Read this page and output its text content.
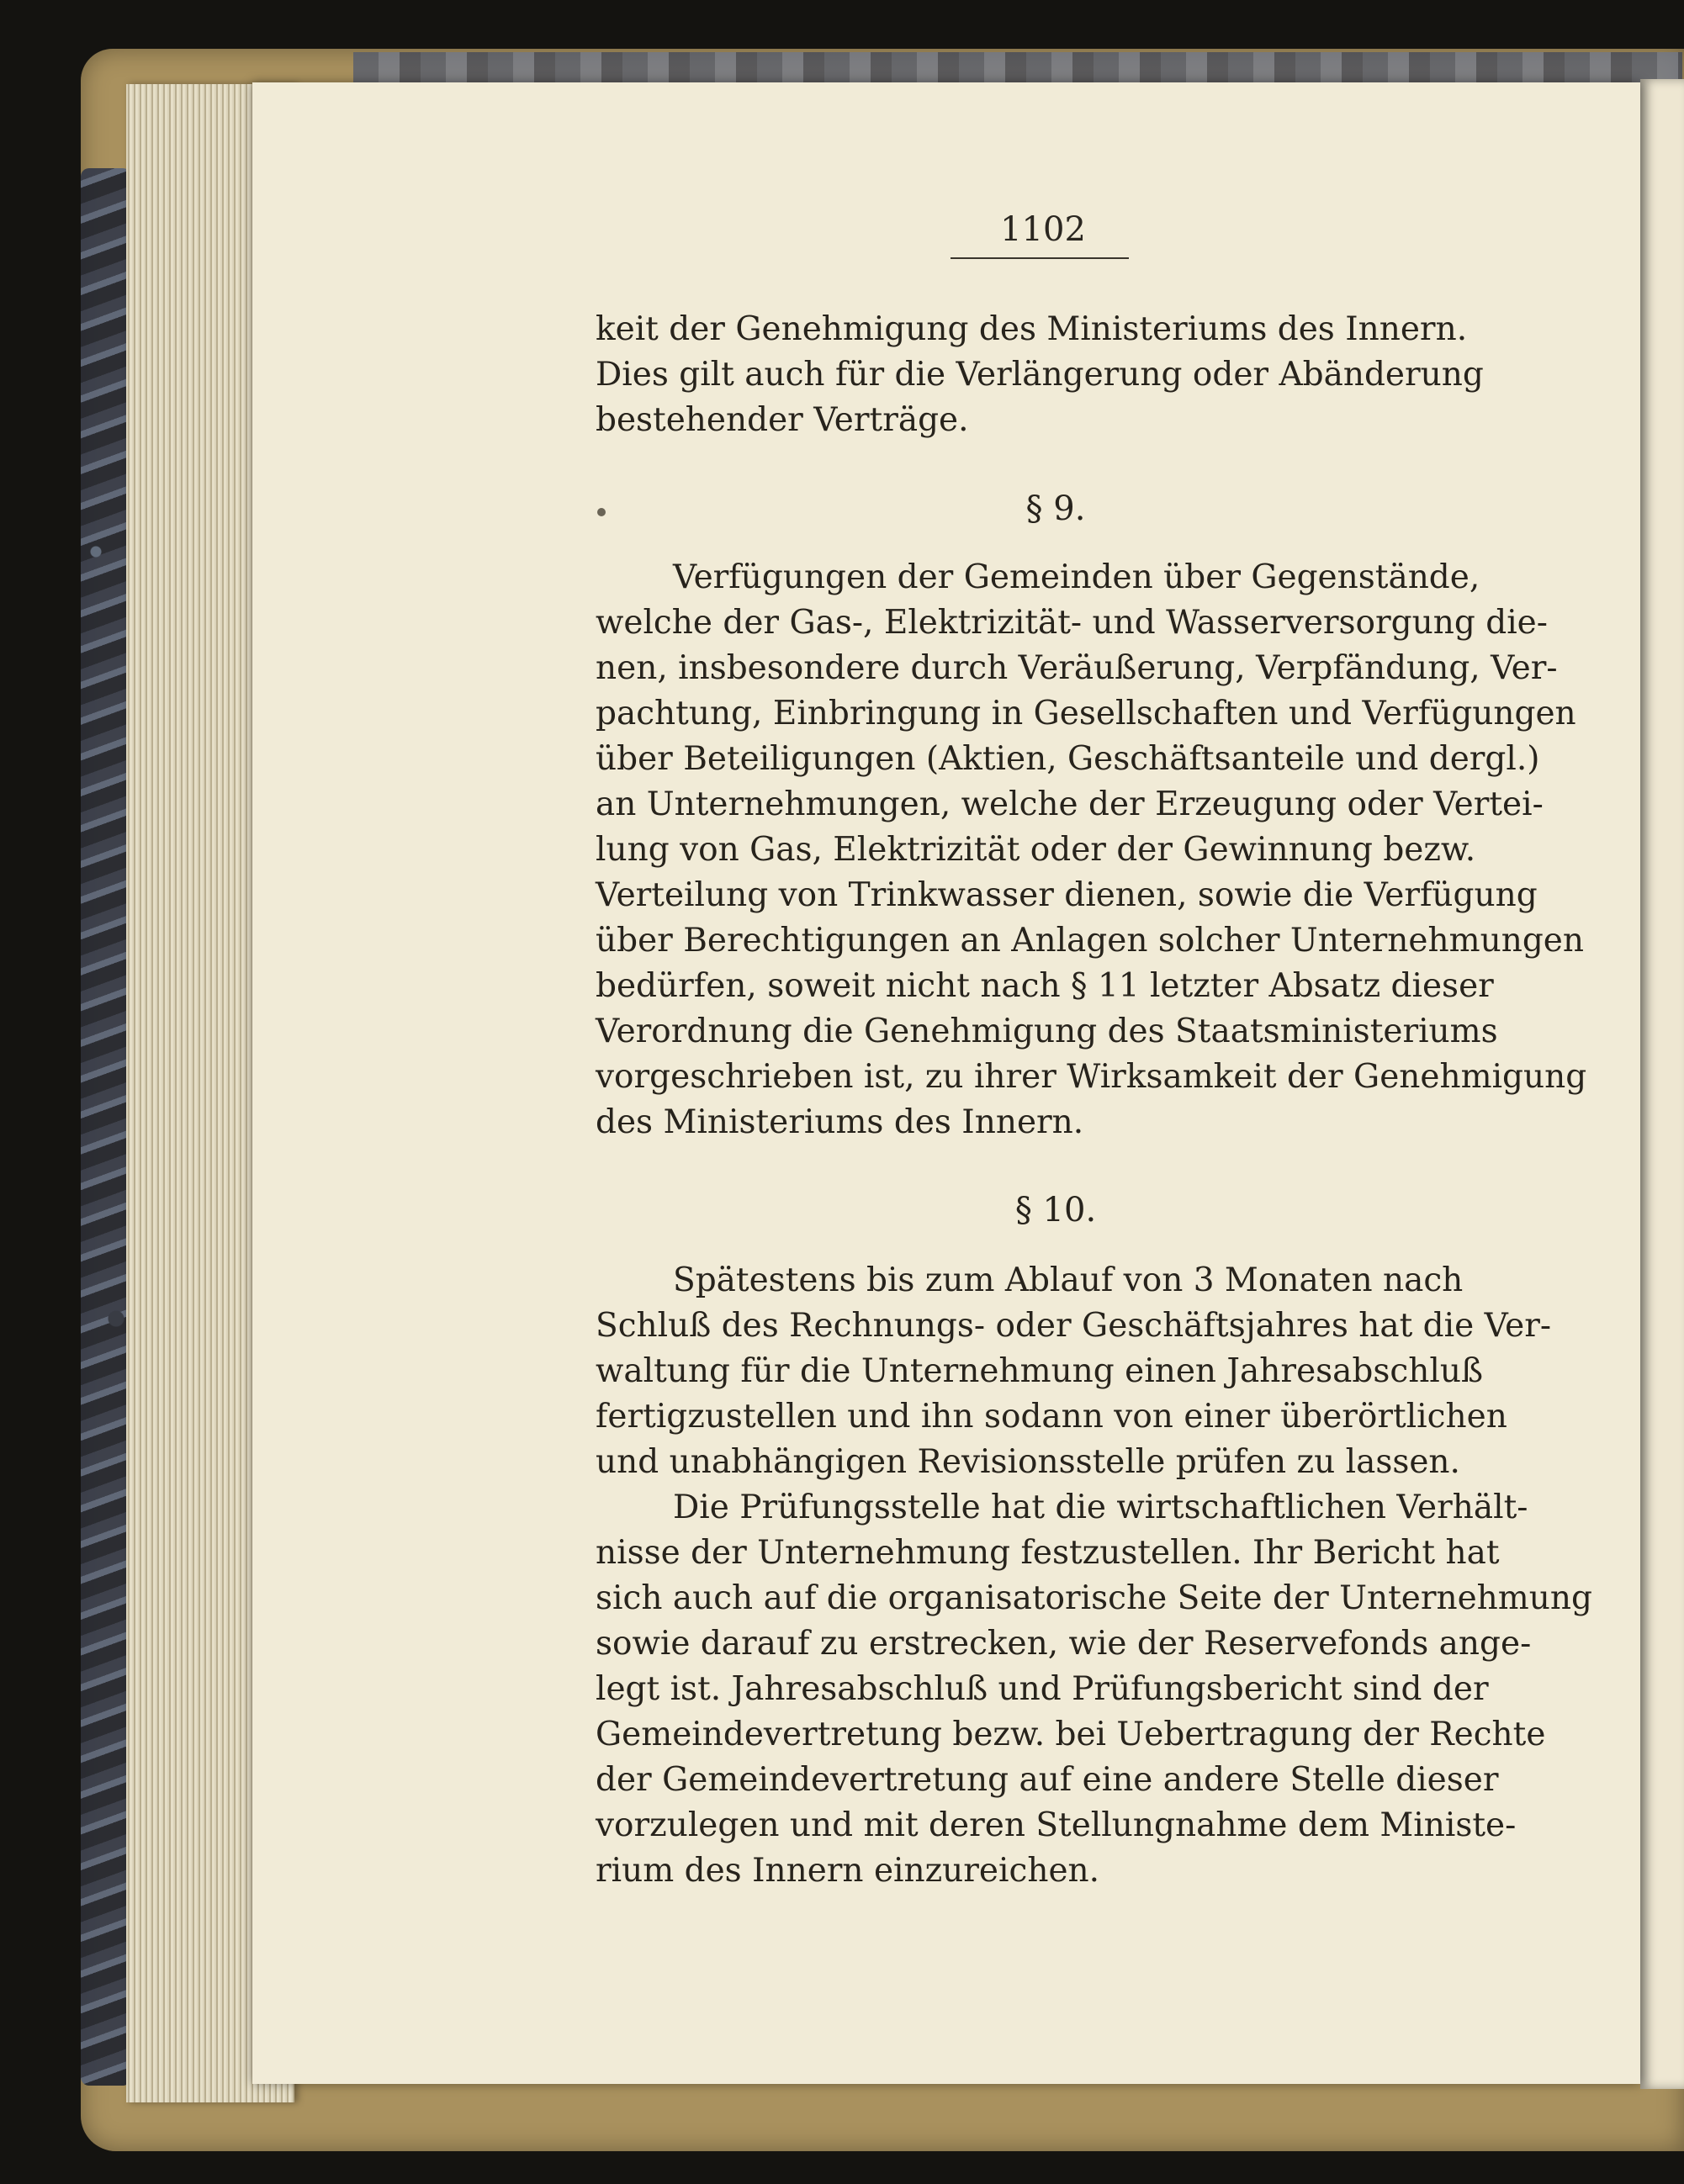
1102
keit der Genehmigung des Ministeriums des Innern.
Dies gilt auch für die Verlängerung oder Abänderung
bestehender Verträge.
§ 9.
Verfügungen der Gemeinden über Gegenstände,
welche der Gas-, Elektrizität- und Wasserversorgung die-
nen, insbesondere durch Veräußerung, Verpfändung, Ver-
pachtung, Einbringung in Gesellschaften und Verfügungen
über Beteiligungen (Aktien, Geschäftsanteile und dergl.)
an Unternehmungen, welche der Erzeugung oder Vertei-
lung von Gas, Elektrizität oder der Gewinnung bezw.
Verteilung von Trinkwasser dienen, sowie die Verfügung
über Berechtigungen an Anlagen solcher Unternehmungen
bedürfen, soweit nicht nach § 11 letzter Absatz dieser
Verordnung die Genehmigung des Staatsministeriums
vorgeschrieben ist, zu ihrer Wirksamkeit der Genehmigung
des Ministeriums des Innern.
§ 10.
Spätestens bis zum Ablauf von 3 Monaten nach
Schluß des Rechnungs- oder Geschäftsjahres hat die Ver-
waltung für die Unternehmung einen Jahresabschluß
fertigzustellen und ihn sodann von einer überörtlichen
und unabhängigen Revisionsstelle prüfen zu lassen.
Die Prüfungsstelle hat die wirtschaftlichen Verhält-
nisse der Unternehmung festzustellen. Ihr Bericht hat
sich auch auf die organisatorische Seite der Unternehmung
sowie darauf zu erstrecken, wie der Reservefonds ange-
legt ist. Jahresabschluß und Prüfungsbericht sind der
Gemeindevertretung bezw. bei Uebertragung der Rechte
der Gemeindevertretung auf eine andere Stelle dieser
vorzulegen und mit deren Stellungnahme dem Ministe-
rium des Innern einzureichen.
